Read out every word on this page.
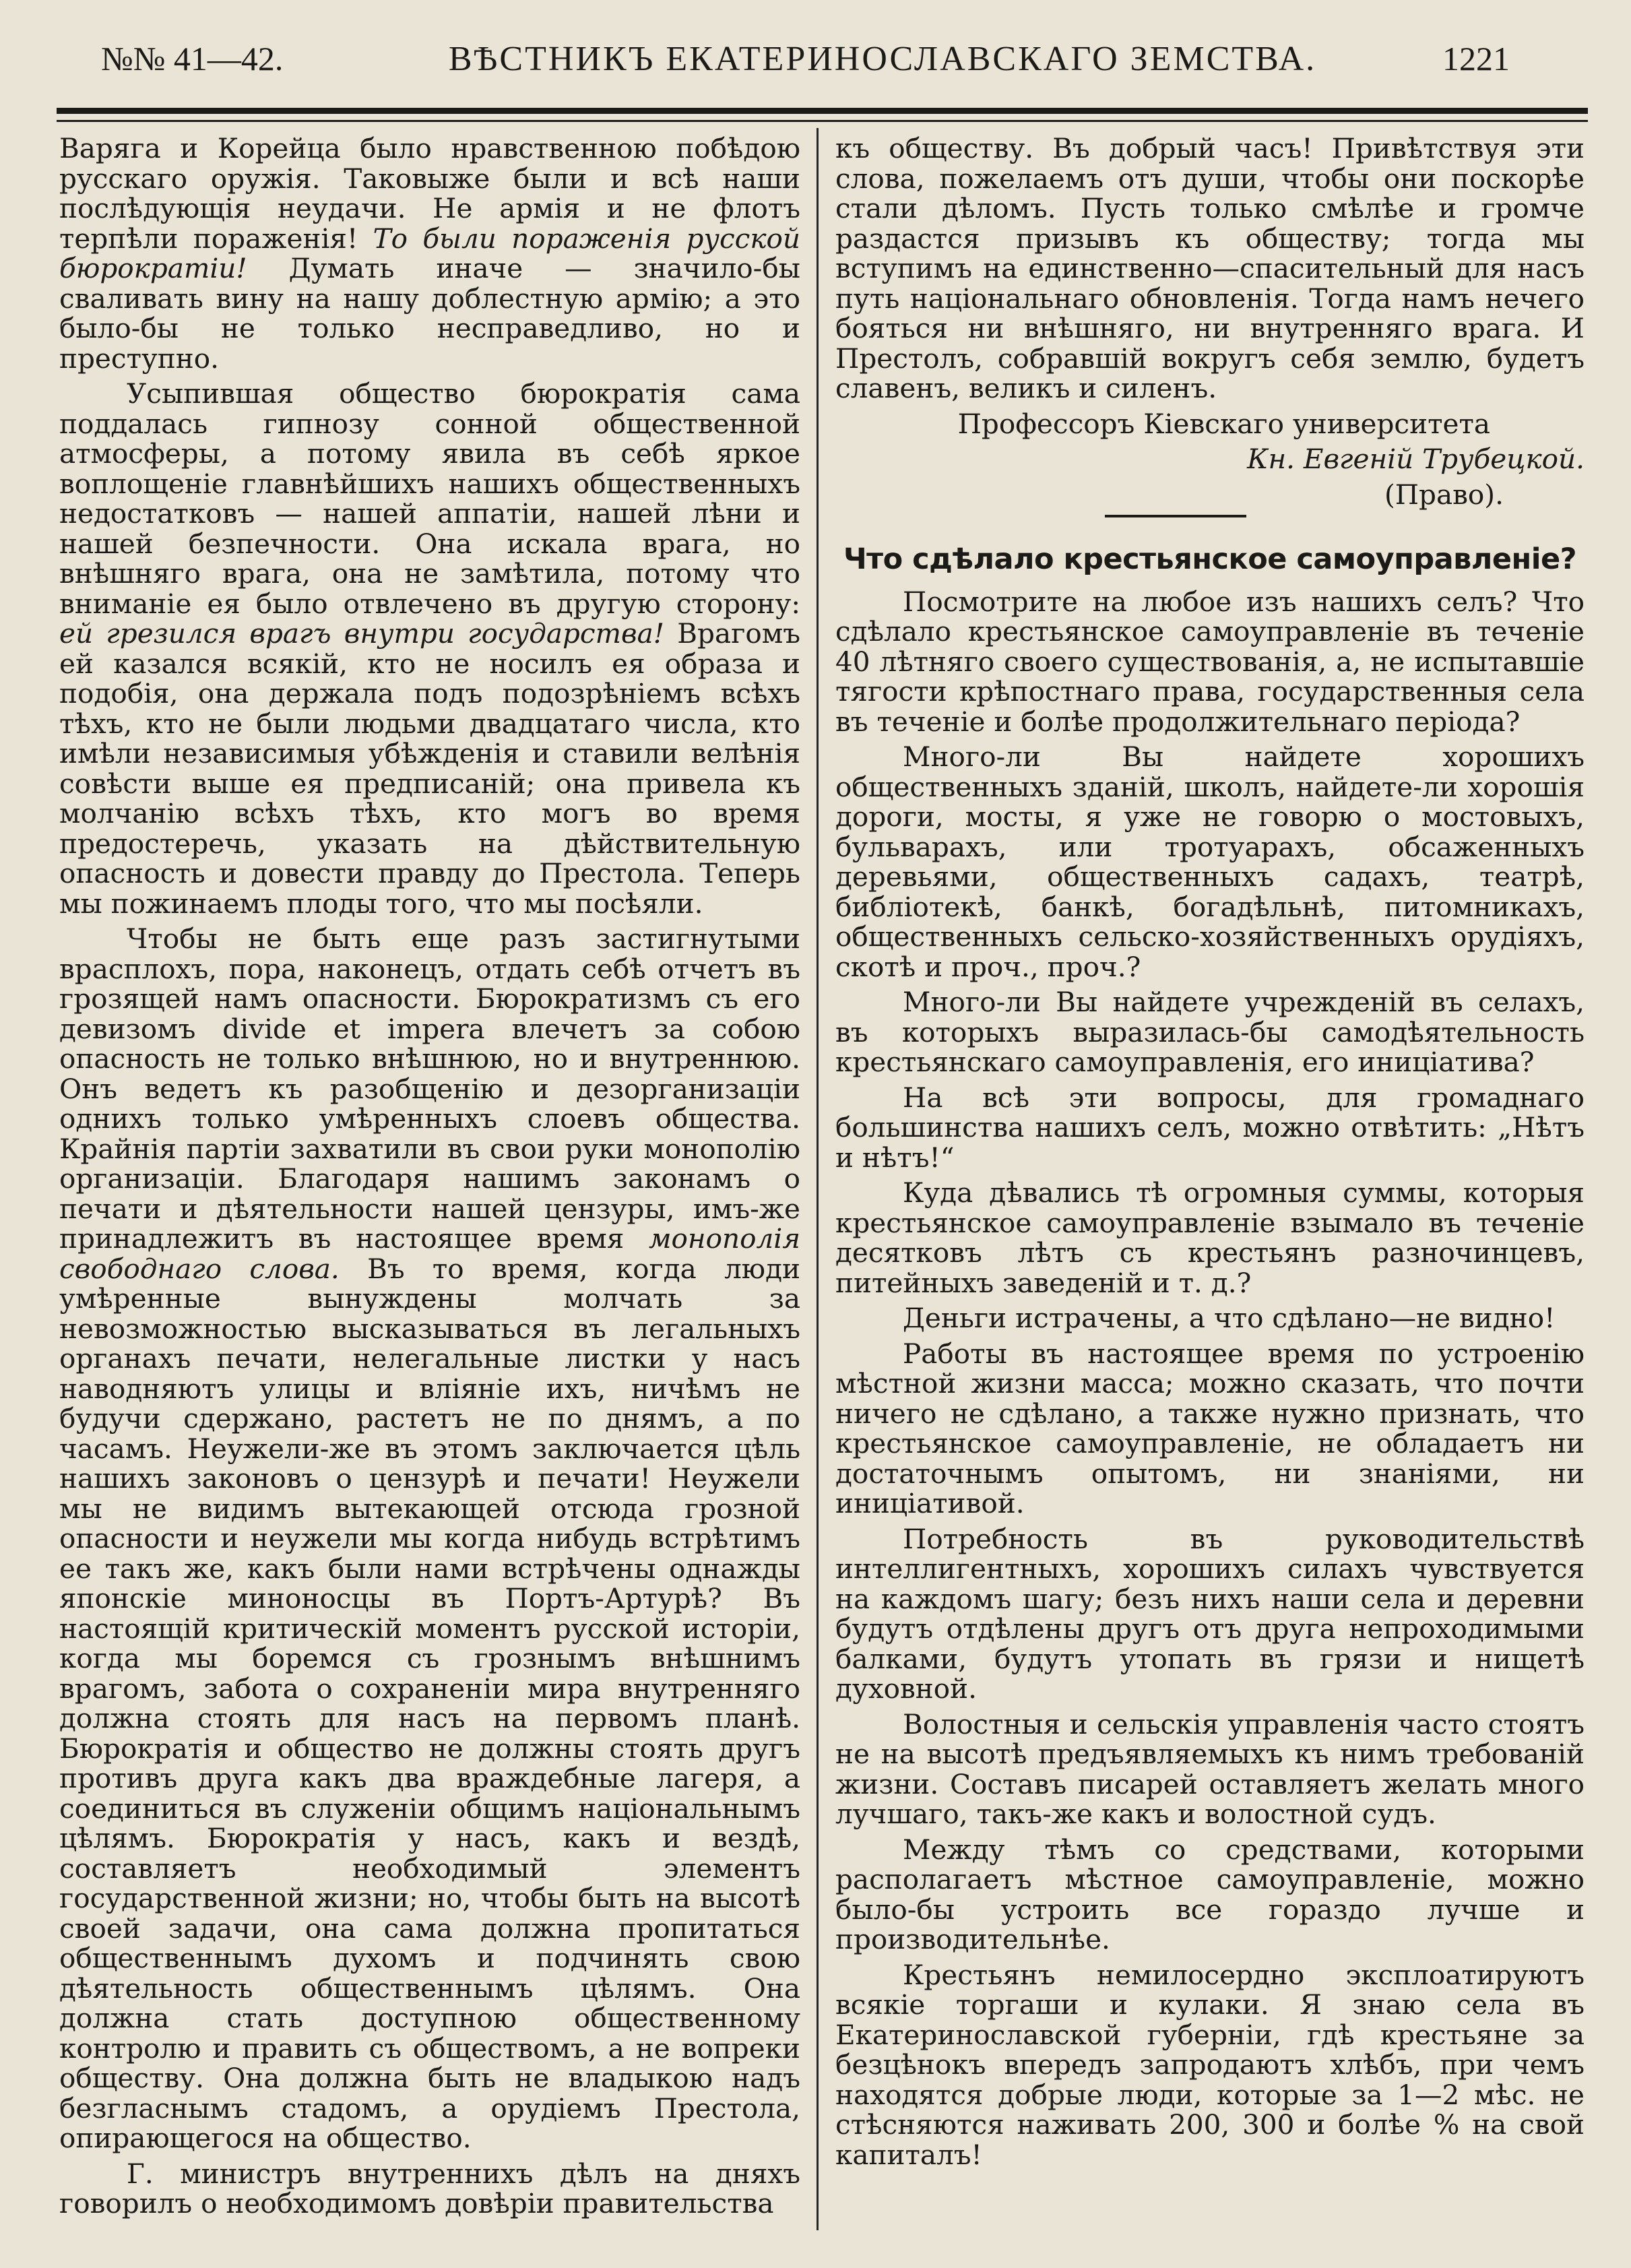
№№ 41—42.	ВѢСТНИКЪ ЕКАТЕРИНОСЛАВСКАГО ЗЕМСТВА.	1221

Варяга и Корейца было нравственною побѣдою русскаго оружія. Таковыже были и всѣ наши послѣдующія неудачи. Не армія и не флотъ терпѣли пораженія! То были пораженія русской бюрократіи! Думать иначе — значило-бы сваливать вину на нашу доблестную армію; а это было-бы не только несправедливо, но и преступно.

Усыпившая общество бюрократія сама поддалась гипнозу сонной общественной атмосферы, а потому явила въ себѣ яркое воплощеніе главнѣйшихъ нашихъ общественныхъ недостатковъ — нашей аппатіи, нашей лѣни и нашей безпечности. Она искала врага, но внѣшняго врага, она не замѣтила, потому что вниманіе ея было отвлечено въ другую сторону: ей грезился врагъ внутри государства! Врагомъ ей казался всякій, кто не носилъ ея образа и подобія, она держала подъ подозрѣніемъ всѣхъ тѣхъ, кто не были людьми двадцатаго числа, кто имѣли независимыя убѣжденія и ставили велѣнія совѣсти выше ея предписаній; она привела къ молчанію всѣхъ тѣхъ, кто могъ во время предостеречь, указать на дѣйствительную опасность и довести правду до Престола. Теперь мы пожинаемъ плоды того, что мы посѣяли.

Чтобы не быть еще разъ застигнутыми врасплохъ, пора, наконецъ, отдать себѣ отчетъ въ грозящей намъ опасности. Бюрократизмъ съ его девизомъ divide et impera влечетъ за собою опасность не только внѣшнюю, но и внутреннюю. Онъ ведетъ къ разобщенію и дезорганизаціи однихъ только умѣренныхъ слоевъ общества. Крайнія партіи захватили въ свои руки монополію организаціи. Благодаря нашимъ законамъ о печати и дѣятельности нашей цензуры, имъ-же принадлежитъ въ настоящее время монополія свободнаго слова. Въ то время, когда люди умѣренные вынуждены молчать за невозможностью высказываться въ легальныхъ органахъ печати, нелегальные листки у насъ наводняютъ улицы и вліяніе ихъ, ничѣмъ не будучи сдержано, растетъ не по днямъ, а по часамъ. Неужели-же въ этомъ заключается цѣль нашихъ законовъ о цензурѣ и печати! Неужели мы не видимъ вытекающей отсюда грозной опасности и неужели мы когда нибудь встрѣтимъ ее такъ же, какъ были нами встрѣчены однажды японскіе миноносцы въ Портъ-Артурѣ? Въ настоящій критическій моментъ русской исторіи, когда мы боремся съ грознымъ внѣшнимъ врагомъ, забота о сохраненіи мира внутренняго должна стоять для насъ на первомъ планѣ. Бюрократія и общество не должны стоять другъ противъ друга какъ два враждебные лагеря, а соединиться въ служеніи общимъ національнымъ цѣлямъ. Бюрократія у насъ, какъ и вездѣ, составляетъ необходимый элементъ государственной жизни; но, чтобы быть на высотѣ своей задачи, она сама должна пропитаться общественнымъ духомъ и подчинять свою дѣятельность общественнымъ цѣлямъ. Она должна стать доступною общественному контролю и править съ обществомъ, а не вопреки обществу. Она должна быть не владыкою надъ безгласнымъ стадомъ, а орудіемъ Престола, опирающегося на общество.

Г. министръ внутреннихъ дѣлъ на дняхъ говорилъ о необходимомъ довѣріи правительства

къ обществу. Въ добрый часъ! Привѣтствуя эти слова, пожелаемъ отъ души, чтобы они поскорѣе стали дѣломъ. Пусть только смѣлѣе и громче раздастся призывъ къ обществу; тогда мы вступимъ на единственно—спасительный для насъ путь національнаго обновленія. Тогда намъ нечего бояться ни внѣшняго, ни внутренняго врага. И Престолъ, собравшій вокругъ себя землю, будетъ славенъ, великъ и силенъ.

Профессоръ Кіевскаго университета

Кн. Евгеній Трубецкой.

(Право).

Что сдѣлало крестьянское самоуправленіе?

Посмотрите на любое изъ нашихъ селъ? Что сдѣлало крестьянское самоуправленіе въ теченіе 40 лѣтняго своего существованія, а, не испытавшіе тягости крѣпостнаго права, государственныя села въ теченіе и болѣе продолжительнаго періода?

Много-ли Вы найдете хорошихъ общественныхъ зданій, школъ, найдете-ли хорошія дороги, мосты, я уже не говорю о мостовыхъ, бульварахъ, или тротуарахъ, обсаженныхъ деревьями, общественныхъ садахъ, театрѣ, библіотекѣ, банкѣ, богадѣльнѣ, питомникахъ, общественныхъ сельско-хозяйственныхъ орудіяхъ, скотѣ и проч., проч.?

Много-ли Вы найдете учрежденій въ селахъ, въ которыхъ выразилась-бы самодѣятельность крестьянскаго самоуправленія, его иниціатива?

На всѣ эти вопросы, для громаднаго большинства нашихъ селъ, можно отвѣтить: „Нѣтъ и нѣтъ!“

Куда дѣвались тѣ огромныя суммы, которыя крестьянское самоуправленіе взымало въ теченіе десятковъ лѣтъ съ крестьянъ разночинцевъ, питейныхъ заведеній и т. д.?

Деньги истрачены, а что сдѣлано—не видно!

Работы въ настоящее время по устроенію мѣстной жизни масса; можно сказать, что почти ничего не сдѣлано, а также нужно признать, что крестьянское самоуправленіе, не обладаетъ ни достаточнымъ опытомъ, ни знаніями, ни иниціативой.

Потребность въ руководительствѣ интеллигентныхъ, хорошихъ силахъ чувствуется на каждомъ шагу; безъ нихъ наши села и деревни будутъ отдѣлены другъ отъ друга непроходимыми балками, будутъ утопать въ грязи и нищетѣ духовной.

Волостныя и сельскія управленія часто стоятъ не на высотѣ предъявляемыхъ къ нимъ требованій жизни. Составъ писарей оставляетъ желать много лучшаго, такъ-же какъ и волостной судъ.

Между тѣмъ со средствами, которыми располагаетъ мѣстное самоуправленіе, можно было-бы устроить все гораздо лучше и производительнѣе.

Крестьянъ немилосердно эксплоатируютъ всякіе торгаши и кулаки. Я знаю села въ Екатеринославской губерніи, гдѣ крестьяне за безцѣнокъ впередъ запродаютъ хлѣбъ, при чемъ находятся добрые люди, которые за 1—2 мѣс. не стѣсняются наживать 200, 300 и болѣе % на свой капиталъ!
